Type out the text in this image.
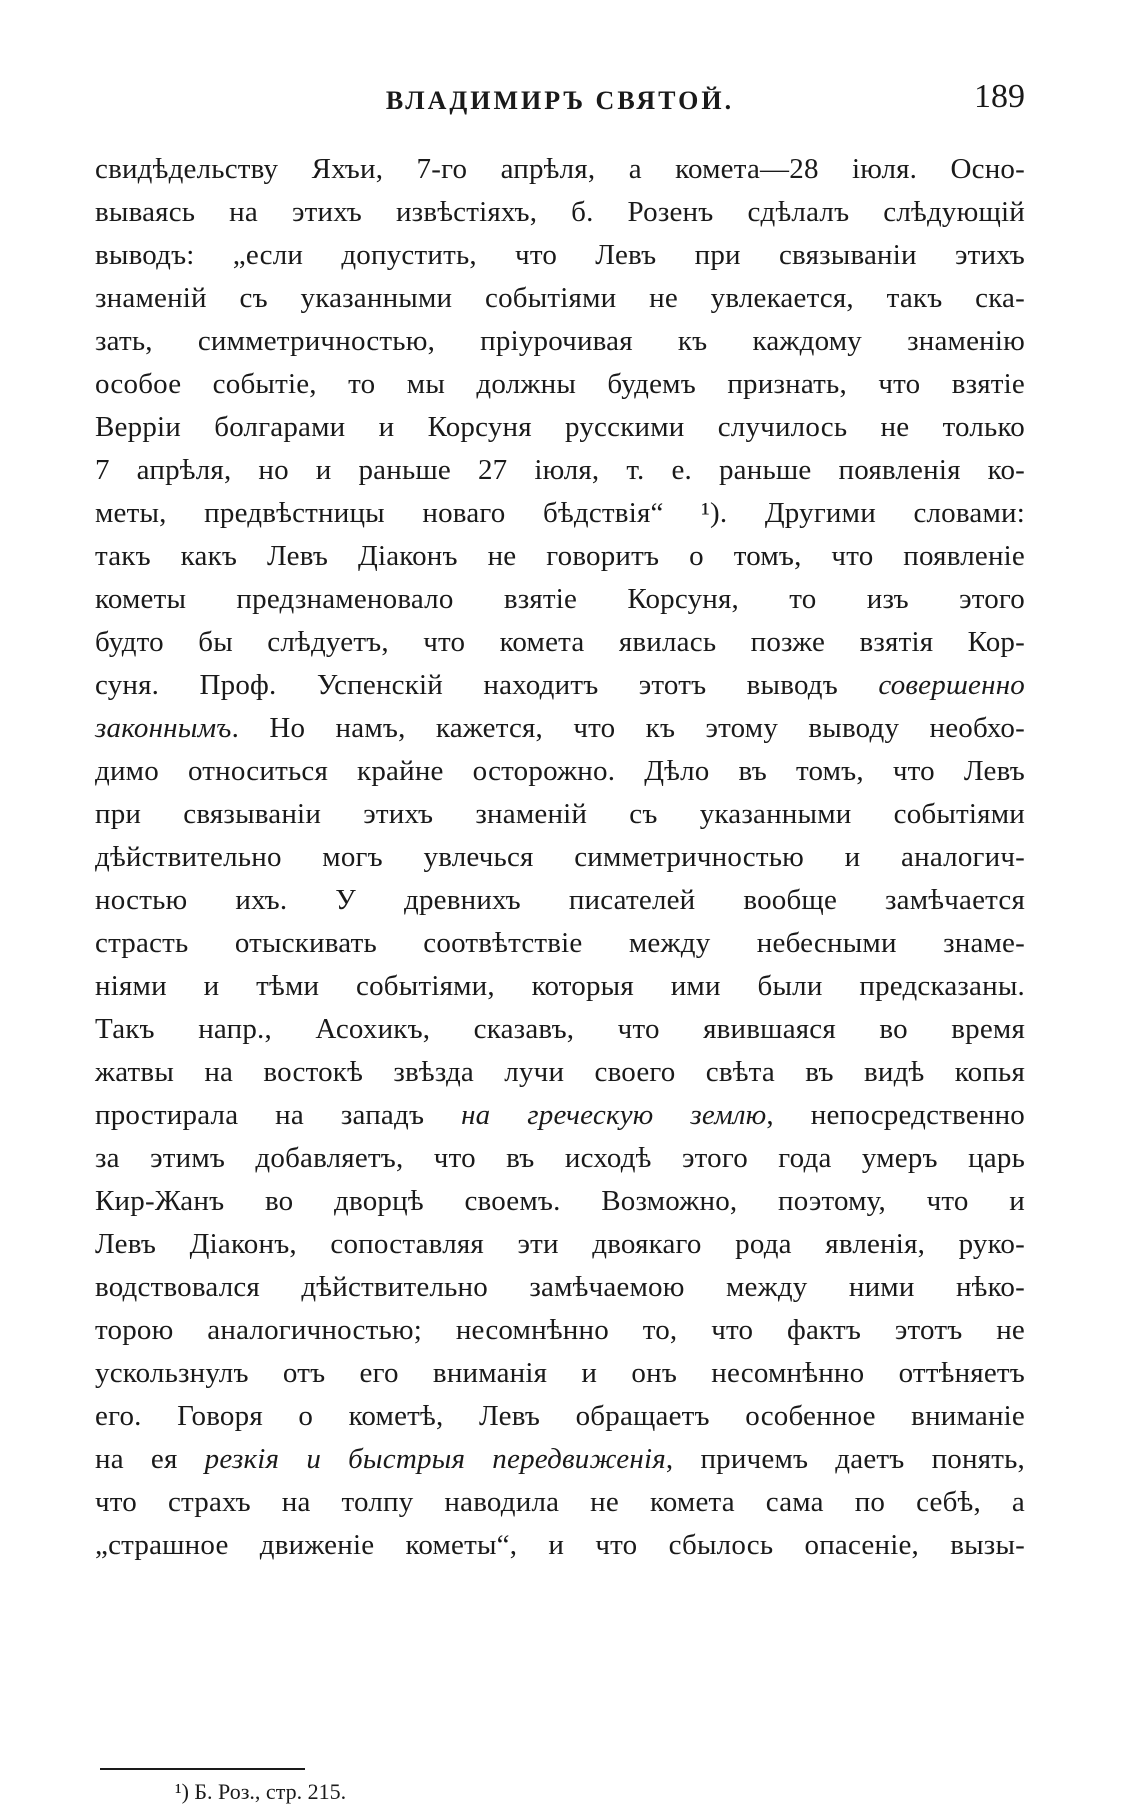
ВЛАДИМИРЪ СВЯТОЙ.	189
свидѣдельству Яхъи, 7-го апрѣля, а комета—28 іюля. Осно-
вываясь на этихъ извѣстіяхъ, б. Розенъ сдѣлалъ слѣдующій
выводъ: „если допустить, что Левъ при связываніи этихъ
знаменій съ указанными событіями не увлекается, такъ ска-
зать, симметричностью, пріурочивая къ каждому знаменію
особое событіе, то мы должны будемъ признать, что взятіе
Верріи болгарами и Корсуня русскими случилось не только
7 апрѣля, но и раньше 27 іюля, т. е. раньше появленія ко-
меты, предвѣстницы новаго бѣдствія“ ¹). Другими словами:
такъ какъ Левъ Діаконъ не говоритъ о томъ, что появленіе
кометы предзнаменовало взятіе Корсуня, то изъ этого
будто бы слѣдуетъ, что комета явилась позже взятія Кор-
суня. Проф. Успенскій находитъ этотъ выводъ совершенно
законнымъ. Но намъ, кажется, что къ этому выводу необхо-
димо относиться крайне осторожно. Дѣло въ томъ, что Левъ
при связываніи этихъ знаменій съ указанными событіями
дѣйствительно могъ увлечься симметричностью и аналогич-
ностью ихъ. У древнихъ писателей вообще замѣчается
страсть отыскивать соотвѣтствіе между небесными знаме-
ніями и тѣми событіями, которыя ими были предсказаны.
Такъ напр., Асохикъ, сказавъ, что явившаяся во время
жатвы на востокѣ звѣзда лучи своего свѣта въ видѣ копья
простирала на западъ на греческую землю, непосредственно
за этимъ добавляетъ, что въ исходѣ этого года умеръ царь
Кир-Жанъ во дворцѣ своемъ. Возможно, поэтому, что и
Левъ Діаконъ, сопоставляя эти двоякаго рода явленія, руко-
водствовался дѣйствительно замѣчаемою между ними нѣко-
торою аналогичностью; несомнѣнно то, что фактъ этотъ не
ускользнулъ отъ его вниманія и онъ несомнѣнно оттѣняетъ
его. Говоря о кометѣ, Левъ обращаетъ особенное вниманіе
на ея резкія и быстрыя передвиженія, причемъ даетъ понять,
что страхъ на толпу наводила не комета сама по себѣ, а
„страшное движеніе кометы“, и что сбылось опасеніе, вызы-
¹) Б. Роз., стр. 215.
